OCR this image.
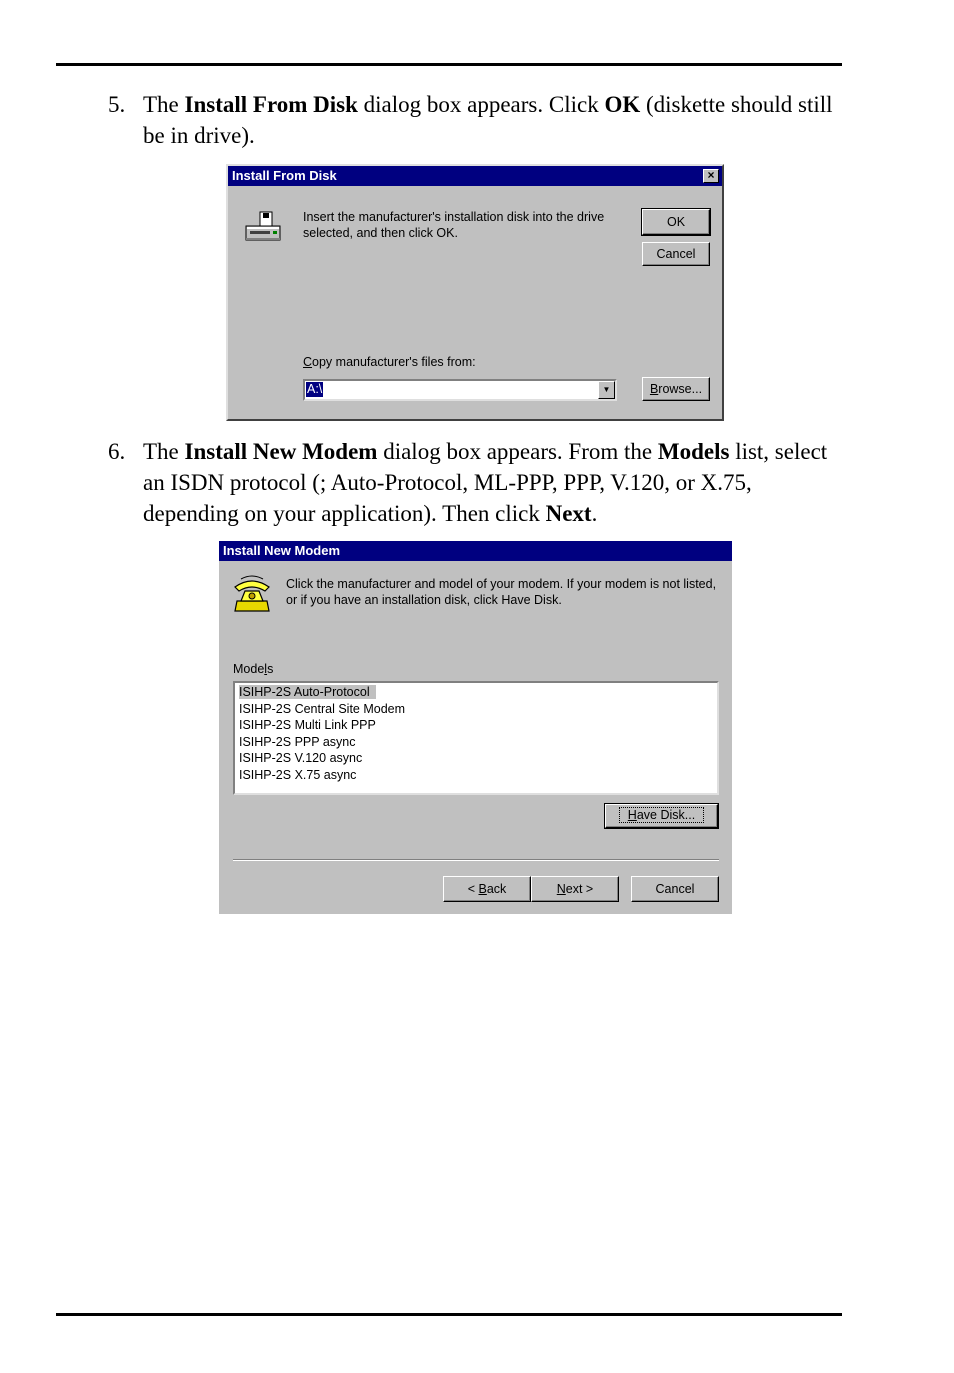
5. The Install From Disk dialog box appears. Click OK (diskette should still be in drive).
Install From Disk	×
Insert the manufacturer's installation disk into the drive selected, and then click OK.
OK
Cancel
Copy manufacturer's files from:
A:\	▼	Browse...
6. The Install New Modem dialog box appears. From the Models list, select an ISDN protocol (; Auto-Protocol, ML-PPP, PPP, V.120, or X.75, depending on your application). Then click Next.
Install New Modem
Click the manufacturer and model of your modem. If your modem is not listed, or if you have an installation disk, click Have Disk.
Models
ISIHP-2S Auto-Protocol
ISIHP-2S Central Site Modem
ISIHP-2S Multi Link PPP
ISIHP-2S PPP async
ISIHP-2S V.120 async
ISIHP-2S X.75 async
Have Disk...
< Back	Next >	Cancel
